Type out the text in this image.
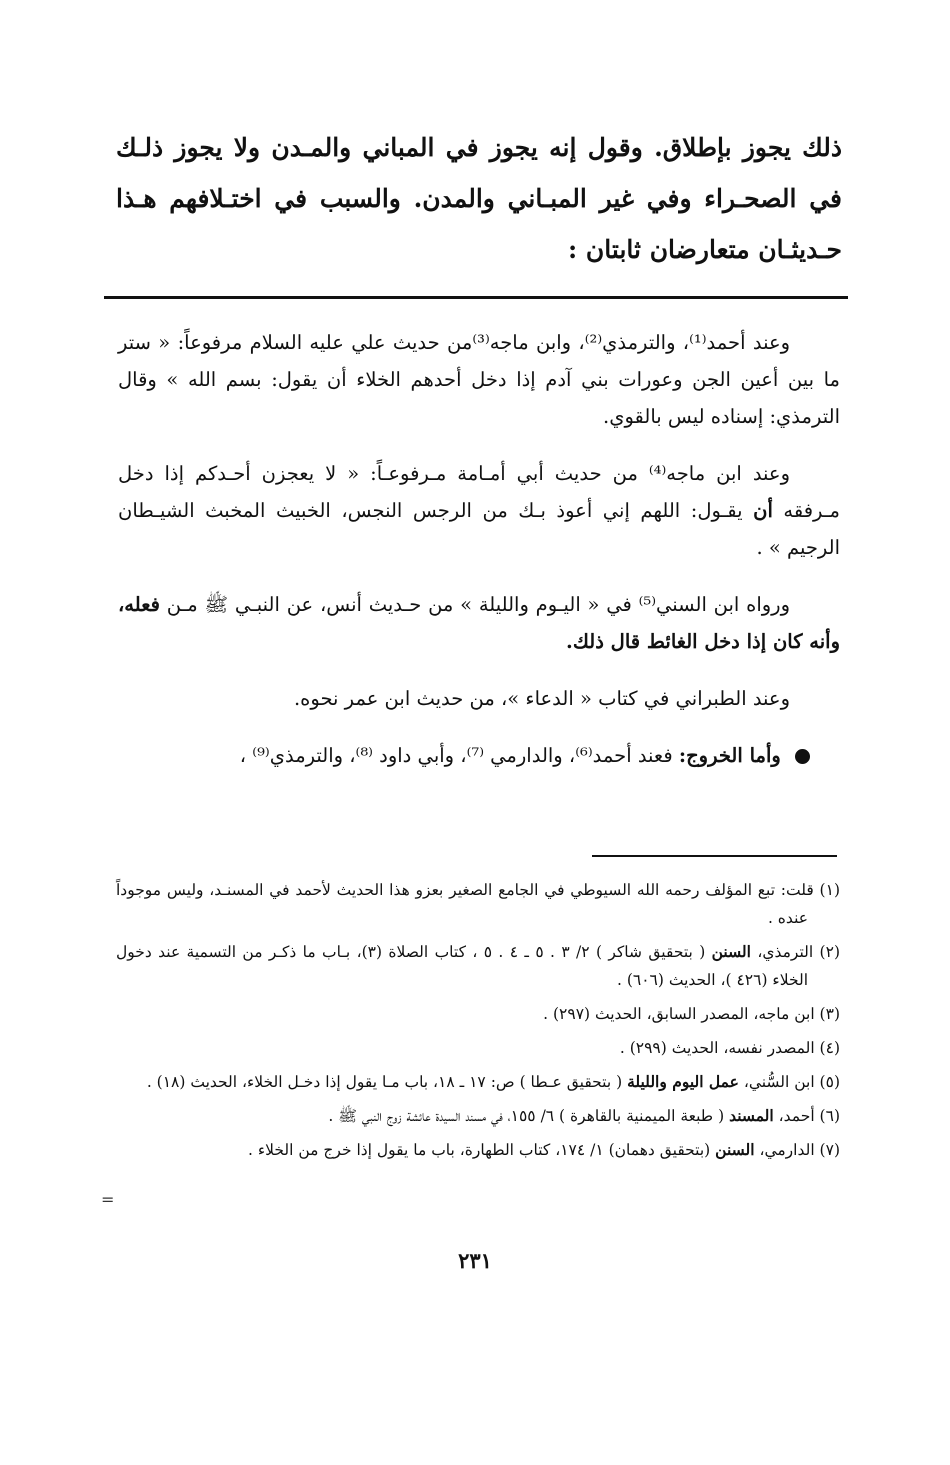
ذلك يجوز بإطلاق. وقول إنه يجوز في المباني والمـدن ولا يجوز ذلـك في الصحـراء وفي غير المبـاني والمدن. والسبب في اختـلافهم هـذا حـديثـان متعارضان ثابتان :

وعند أحمد⁽¹⁾، والترمذي⁽²⁾، وابن ماجه⁽³⁾من حديث علي عليه السلام مرفوعاً: « ستر ما بين أعين الجن وعورات بني آدم إذا دخل أحدهم الخلاء أن يقول: بسم الله » وقال الترمذي: إسناده ليس بالقوي.

وعند ابن ماجه⁽⁴⁾ من حديث أبي أمـامة مـرفوعـاً: « لا يعجزن أحـدكم إذا دخل مـرفقه أن يقـول: اللهم إني أعوذ بـك من الرجس النجس، الخبيث المخبث الشيـطان الرجيم » .

ورواه ابن السني⁽⁵⁾ في « اليـوم والليلة » من حـديث أنس، عن النبـي ﷺ مـن فعله، وأنه كان إذا دخل الغائط قال ذلك.

وعند الطبراني في كتاب « الدعاء »، من حديث ابن عمر نحوه.

وأما الخروج: فعند أحمد⁽⁶⁾، والدارمي ⁽⁷⁾، وأبي داود ⁽⁸⁾، والترمذي⁽⁹⁾ ،

(١) قلت: تبع المؤلف رحمه الله السيوطي في الجامع الصغير بعزو هذا الحديث لأحمد في المسنـد، وليس موجوداً عنده .

(٢) الترمذي، السنن ( بتحقيق شاكر ) ٢/ ٣ . ٥ ـ ٤ . ٥ ، كتاب الصلاة (٣)، بـاب ما ذكـر من التسمية عند دخول الخلاء (٤٢٦ )، الحديث (٦٠٦) .

(٣) ابن ماجه، المصدر السابق، الحديث (٢٩٧) .

(٤) المصدر نفسه، الحديث (٢٩٩) .

(٥) ابن السُّني، عمل اليوم والليلة ( بتحقيق عـطا ) ص: ١٧ ـ ١٨، باب مـا يقول إذا دخـل الخلاء، الحديث (١٨) .

(٦) أحمد، المسند ( طبعة الميمنية بالقاهرة ) ٦/ ١٥٥، في مسند السيدة عائشة زوج النبي ﷺ .

(٧) الدارمي، السنن (بتحقيق دهمان) ١/ ١٧٤، كتاب الطهارة، باب ما يقول إذا خرج من الخلاء .

=
٢٣١
